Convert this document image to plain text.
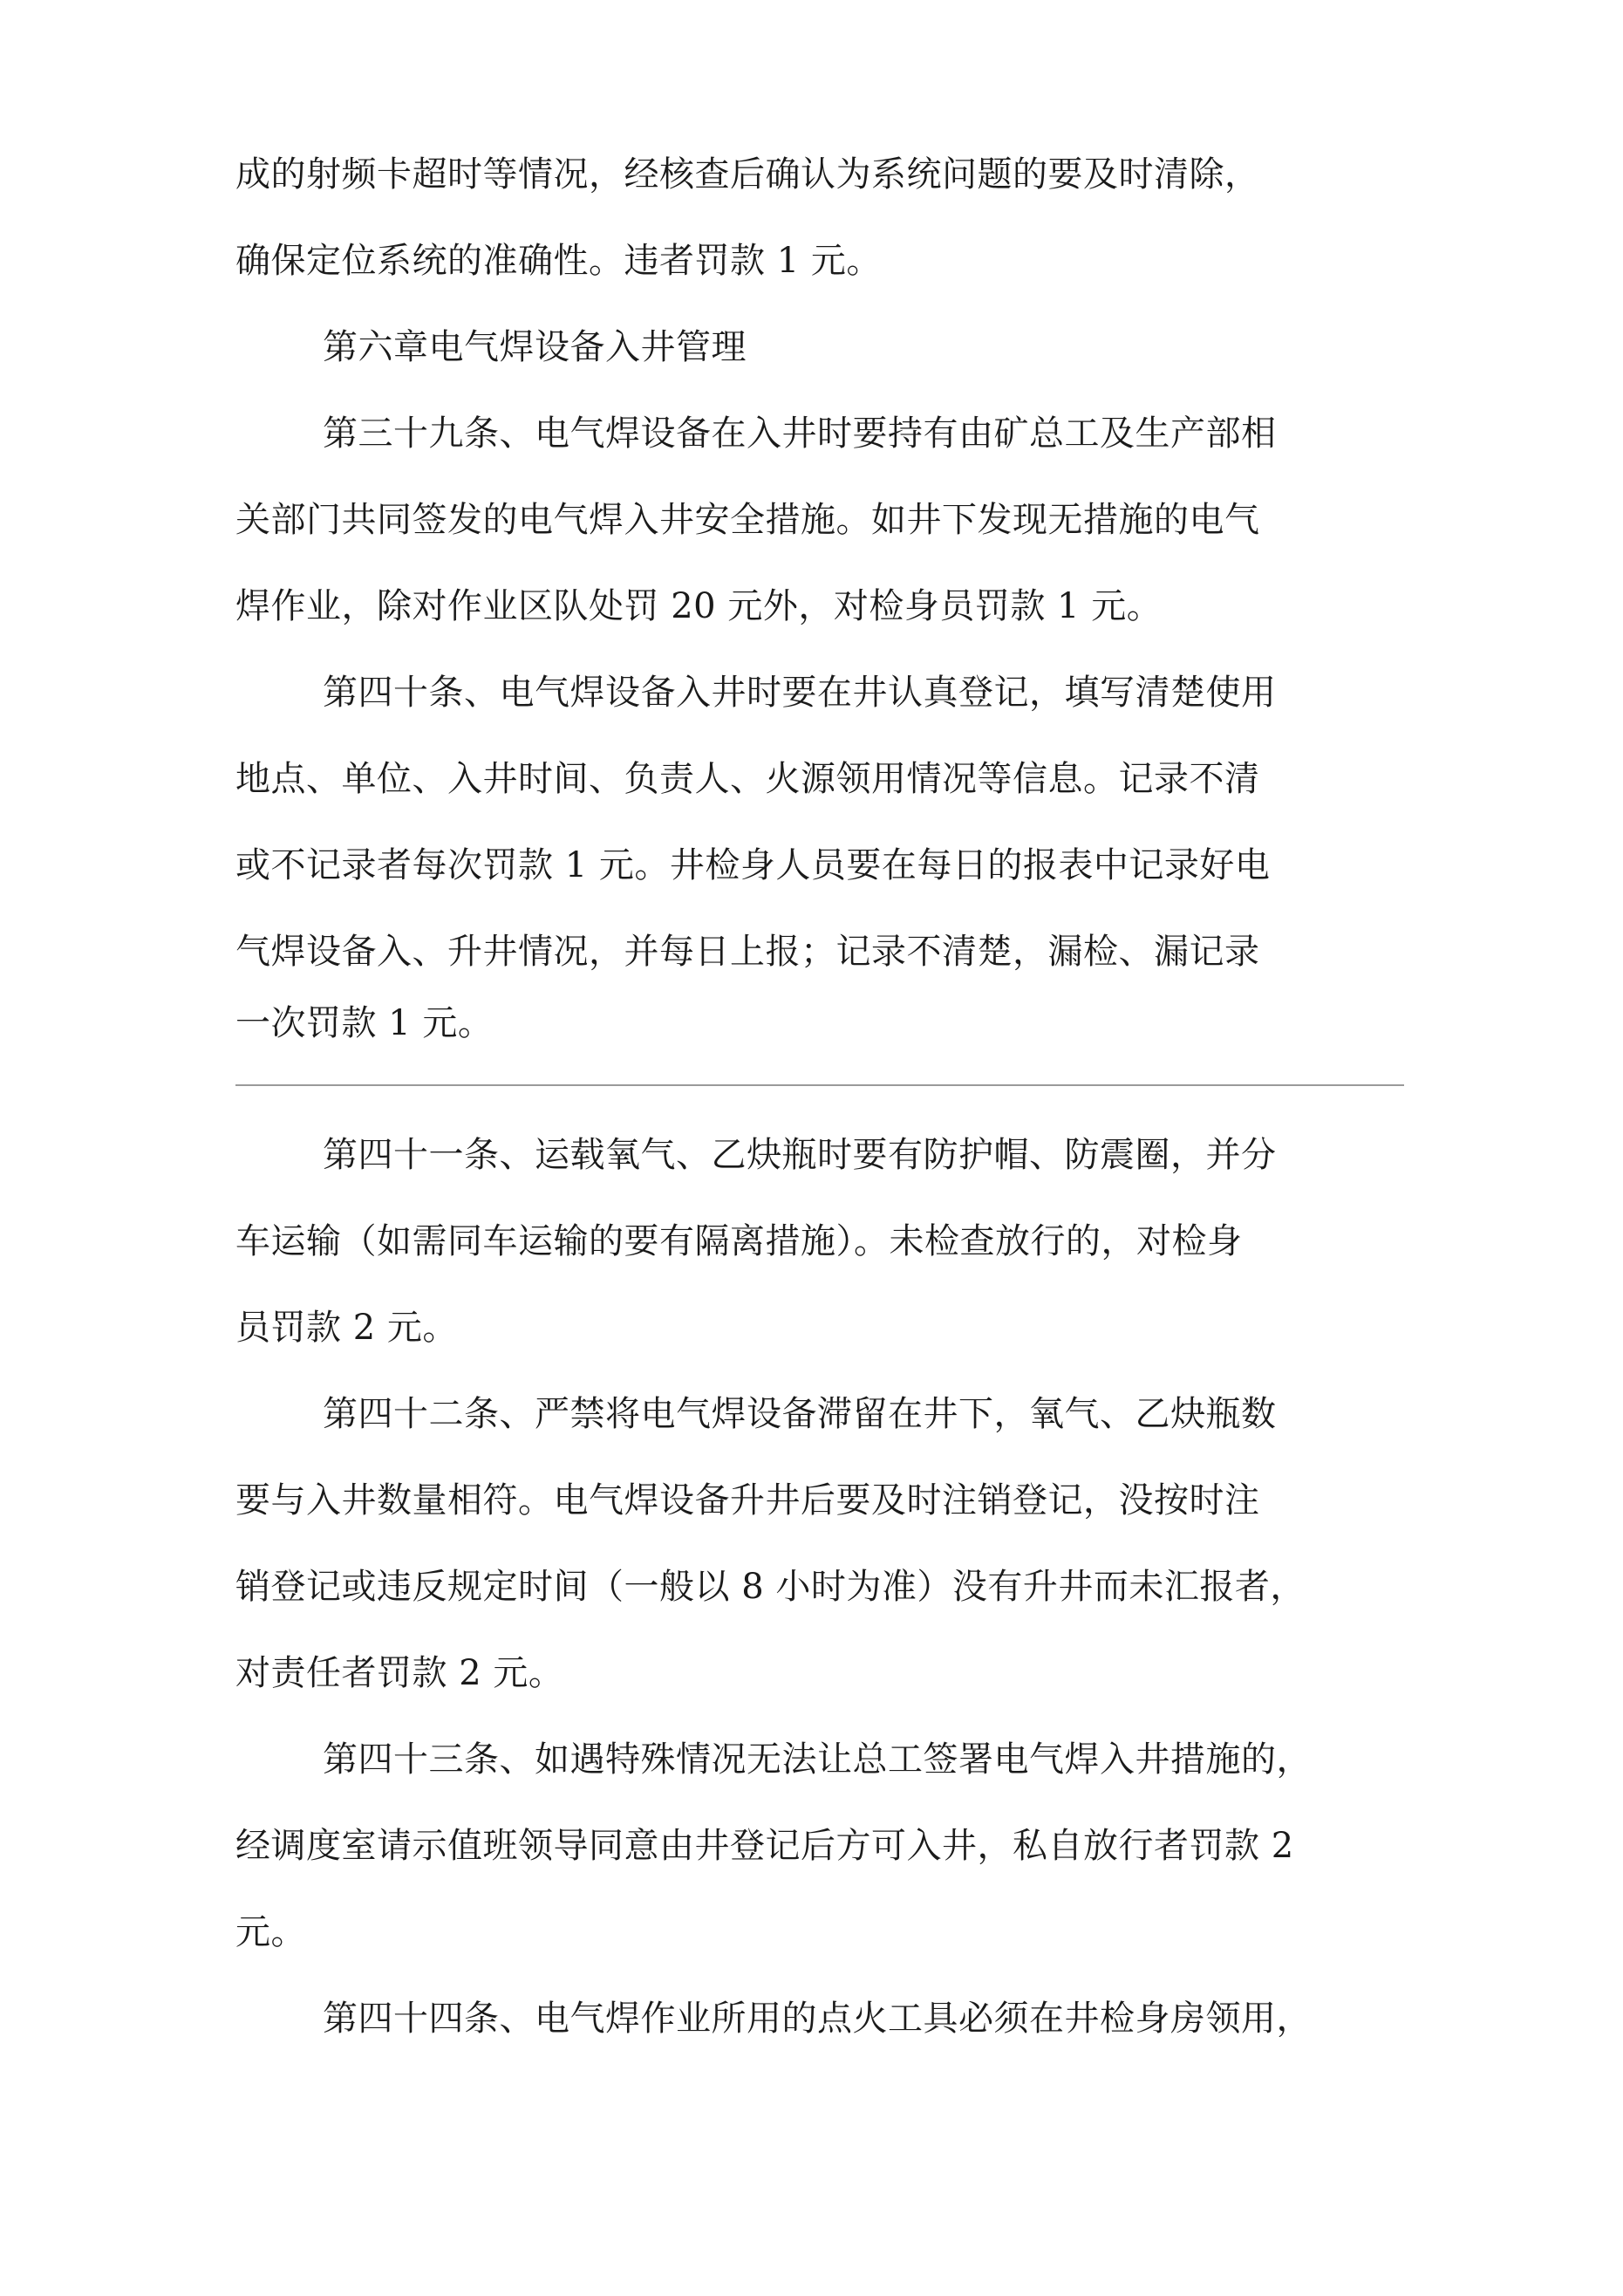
成的射频卡超时等情况，经核查后确认为系统问题的要及时清除，
确保定位系统的准确性。违者罚款 1 元。
第六章电气焊设备入井管理
第三十九条、电气焊设备在入井时要持有由矿总工及生产部相
关部门共同签发的电气焊入井安全措施。如井下发现无措施的电气
焊作业，除对作业区队处罚 20 元外，对检身员罚款 1 元。
第四十条、电气焊设备入井时要在井认真登记，填写清楚使用
地点、单位、入井时间、负责人、火源领用情况等信息。记录不清
或不记录者每次罚款 1 元。井检身人员要在每日的报表中记录好电
气焊设备入、升井情况，并每日上报；记录不清楚，漏检、漏记录
一次罚款 1 元。
第四十一条、运载氧气、乙炔瓶时要有防护帽、防震圈，并分
车运输（如需同车运输的要有隔离措施）。未检查放行的，对检身
员罚款 2 元。
第四十二条、严禁将电气焊设备滞留在井下，氧气、乙炔瓶数
要与入井数量相符。电气焊设备升井后要及时注销登记，没按时注
销登记或违反规定时间（一般以 8 小时为准）没有升井而未汇报者，
对责任者罚款 2 元。
第四十三条、如遇特殊情况无法让总工签署电气焊入井措施的，
经调度室请示值班领导同意由井登记后方可入井，私自放行者罚款 2
元。
第四十四条、电气焊作业所用的点火工具必须在井检身房领用，
